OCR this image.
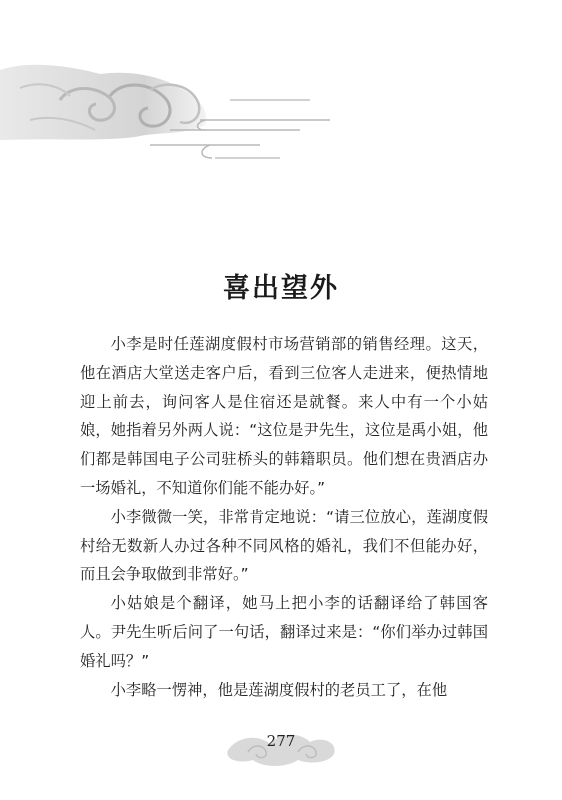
喜出望外

小李是时任莲湖度假村市场营销部的销售经理。这天，他在酒店大堂送走客户后，看到三位客人走进来，便热情地迎上前去，询问客人是住宿还是就餐。来人中有一个小姑娘，她指着另外两人说：“这位是尹先生，这位是禹小姐，他们都是韩国电子公司驻桥头的韩籍职员。他们想在贵酒店办一场婚礼，不知道你们能不能办好。”

小李微微一笑，非常肯定地说：“请三位放心，莲湖度假村给无数新人办过各种不同风格的婚礼，我们不但能办好，而且会争取做到非常好。”

小姑娘是个翻译，她马上把小李的话翻译给了韩国客人。尹先生听后问了一句话，翻译过来是：“你们举办过韩国婚礼吗？”

小李略一愣神，他是莲湖度假村的老员工了，在他

277
